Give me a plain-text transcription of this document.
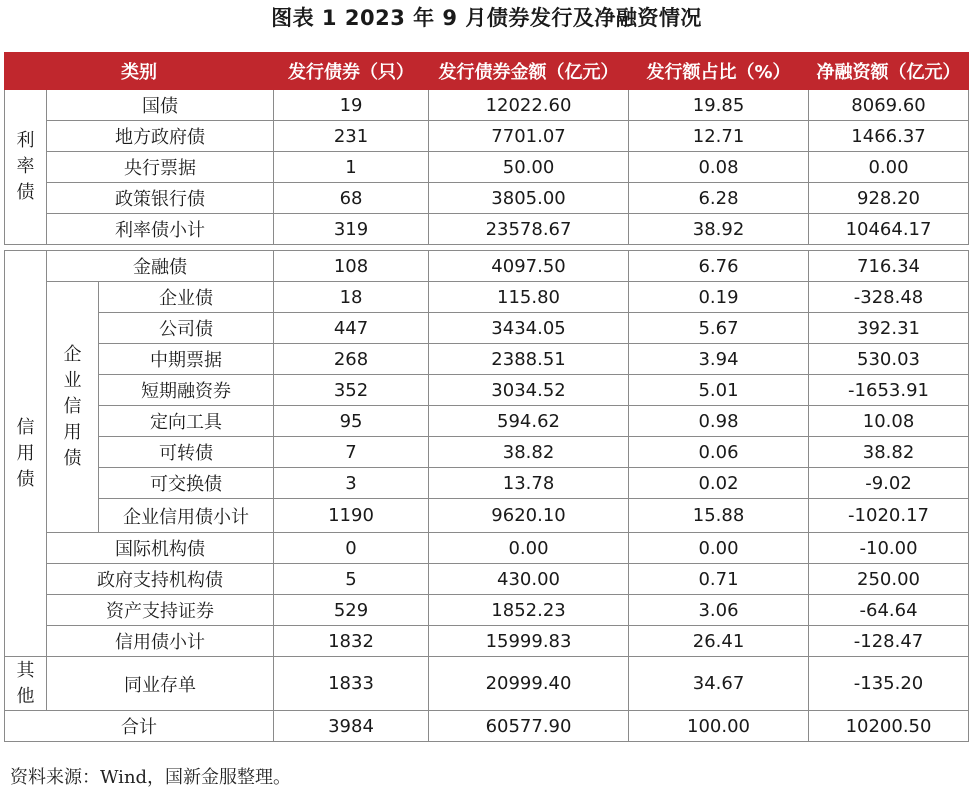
图表 1 2023 年 9 月债券发行及净融资情况
类别			发行债券（只）	发行债券金额（亿元）	发行额占比（%）	净融资额（亿元）
利率债	国债		19	12022.60	19.85	8069.60
	地方政府债		231	7701.07	12.71	1466.37
	央行票据		1	50.00	0.08	0.00
	政策银行债		68	3805.00	6.28	928.20
	利率债小计		319	23578.67	38.92	10464.17

信用债	金融债		108	4097.50	6.76	716.34
	企业信用债	企业债	18	115.80	0.19	-328.48
		公司债	447	3434.05	5.67	392.31
		中期票据	268	2388.51	3.94	530.03
		短期融资券	352	3034.52	5.01	-1653.91
		定向工具	95	594.62	0.98	10.08
		可转债	7	38.82	0.06	38.82
		可交换债	3	13.78	0.02	-9.02
		企业信用债小计	1190	9620.10	15.88	-1020.17
	国际机构债		0	0.00	0.00	-10.00
	政府支持机构债		5	430.00	0.71	250.00
	资产支持证券		529	1852.23	3.06	-64.64
	信用债小计		1832	15999.83	26.41	-128.47
其他	同业存单		1833	20999.40	34.67	-135.20
合计			3984	60577.90	100.00	10200.50
资料来源：Wind，国新金服整理。
